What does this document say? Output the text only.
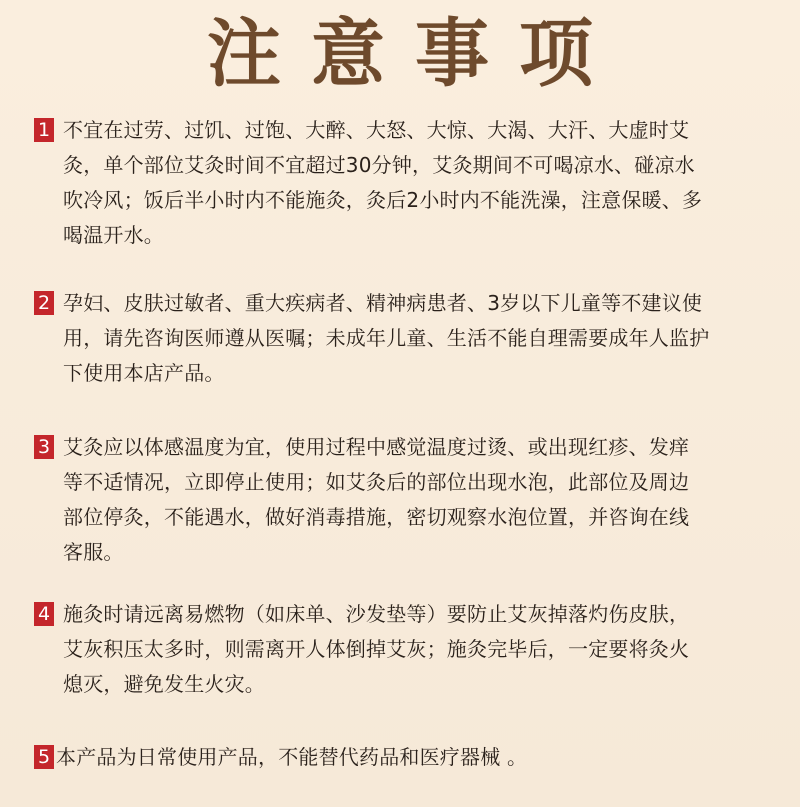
注意事项
1 不宜在过劳、过饥、过饱、大醉、大怒、大惊、大渴、大汗、大虚时艾
灸，单个部位艾灸时间不宜超过30分钟，艾灸期间不可喝凉水、碰凉水
吹冷风；饭后半小时内不能施灸，灸后2小时内不能洗澡，注意保暖、多
喝温开水。
2 孕妇、皮肤过敏者、重大疾病者、精神病患者、3岁以下儿童等不建议使
用，请先咨询医师遵从医嘱；未成年儿童、生活不能自理需要成年人监护
下使用本店产品。
3 艾灸应以体感温度为宜，使用过程中感觉温度过烫、或出现红疹、发痒
等不适情况，立即停止使用；如艾灸后的部位出现水泡，此部位及周边
部位停灸，不能遇水，做好消毒措施，密切观察水泡位置，并咨询在线
客服。
4 施灸时请远离易燃物（如床单、沙发垫等）要防止艾灰掉落灼伤皮肤，
艾灰积压太多时，则需离开人体倒掉艾灰；施灸完毕后，一定要将灸火
熄灭，避免发生火灾。
5 本产品为日常使用产品，不能替代药品和医疗器械 。
